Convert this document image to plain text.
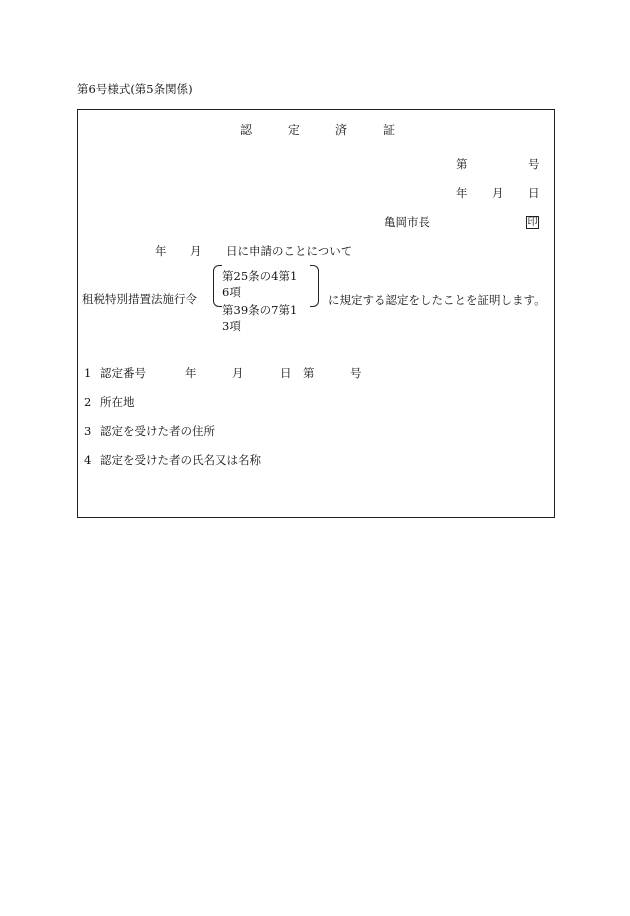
第6号様式(第5条関係)
認	定	済	証
第	号
年 月 日
亀岡市長	印
年 月 日に申請のことについて
租税特別措置法施行令
第25条の4第1
6項
第39条の7第1
3項
に規定する認定をしたことを証明します。
1 認定番号	年	月	日 第	号
2 所在地
3 認定を受けた者の住所
4 認定を受けた者の氏名又は名称
